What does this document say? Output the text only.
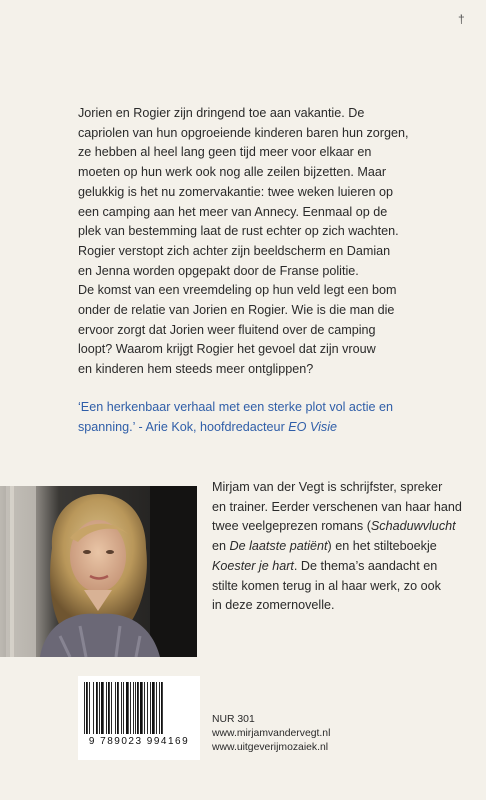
†

Jorien en Rogier zijn dringend toe aan vakantie. De

capriolen van hun opgroeiende kinderen baren hun zorgen,

ze hebben al heel lang geen tijd meer voor elkaar en

moeten op hun werk ook nog alle zeilen bijzetten. Maar

gelukkig is het nu zomervakantie: twee weken luieren op

een camping aan het meer van Annecy. Eenmaal op de

plek van bestemming laat de rust echter op zich wachten.

Rogier verstopt zich achter zijn beeldscherm en Damian

en Jenna worden opgepakt door de Franse politie.

De komst van een vreemdeling op hun veld legt een bom

onder de relatie van Jorien en Rogier. Wie is die man die

ervoor zorgt dat Jorien weer fluitend over de camping

loopt? Waarom krijgt Rogier het gevoel dat zijn vrouw

en kinderen hem steeds meer ontglippen?

‘Een herkenbaar verhaal met een sterke plot vol actie en
spanning.’ - Arie Kok, hoofdredacteur EO Visie
Mirjam van der Vegt is schrijfster, spreker
en trainer. Eerder verschenen van haar hand
twee veelgeprezen romans (Schaduwvlucht
en De laatste patiënt) en het stilteboekje
Koester je hart. De thema’s aandacht en
stilte komen terug in al haar werk, zo ook
in deze zomernovelle.
9 789023 994169
NUR 301
www.mirjamvandervegt.nl
www.uitgeverijmozaiek.nl
